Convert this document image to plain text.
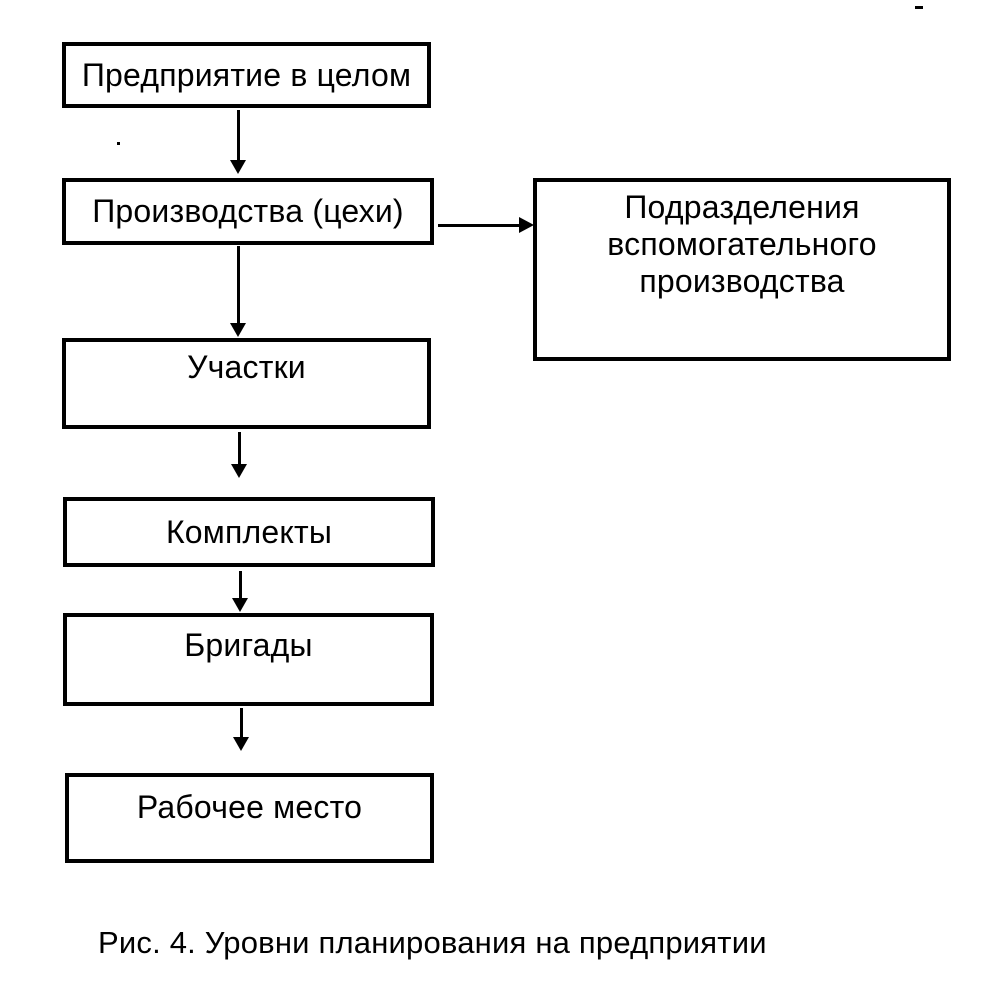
Предприятие в целом
Производства (цехи)	Подразделения вспомогательного производства
Участки
Комплекты
Бригады
Рабочее место
Рис. 4. Уровни планирования на предприятии
